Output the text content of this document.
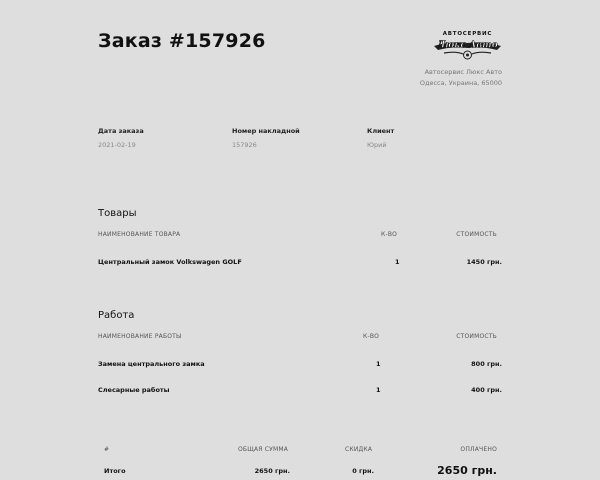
Заказ #157926	АВТОСЕРВИС
Люкс Авто
Автосервис Люкс Авто
Одесса, Украина, 65000
Дата заказа
2021-02-19
Номер накладной
157926
Клиент
Юрий
Товары
НАИМЕНОВАНИЕ ТОВАРА	К-ВО	СТОИМОСТЬ
Центральный замок Volkswagen GOLF	1	1450 грн.
Работа
НАИМЕНОВАНИЕ РАБОТЫ	К-ВО	СТОИМОСТЬ
Замена центрального замка	1	800 грн.
Слесарные работы	1	400 грн.
#	ОБЩАЯ СУММА	СКИДКА	ОПЛАЧЕНО
Итого	2650 грн.	0 грн.	2650 грн.
